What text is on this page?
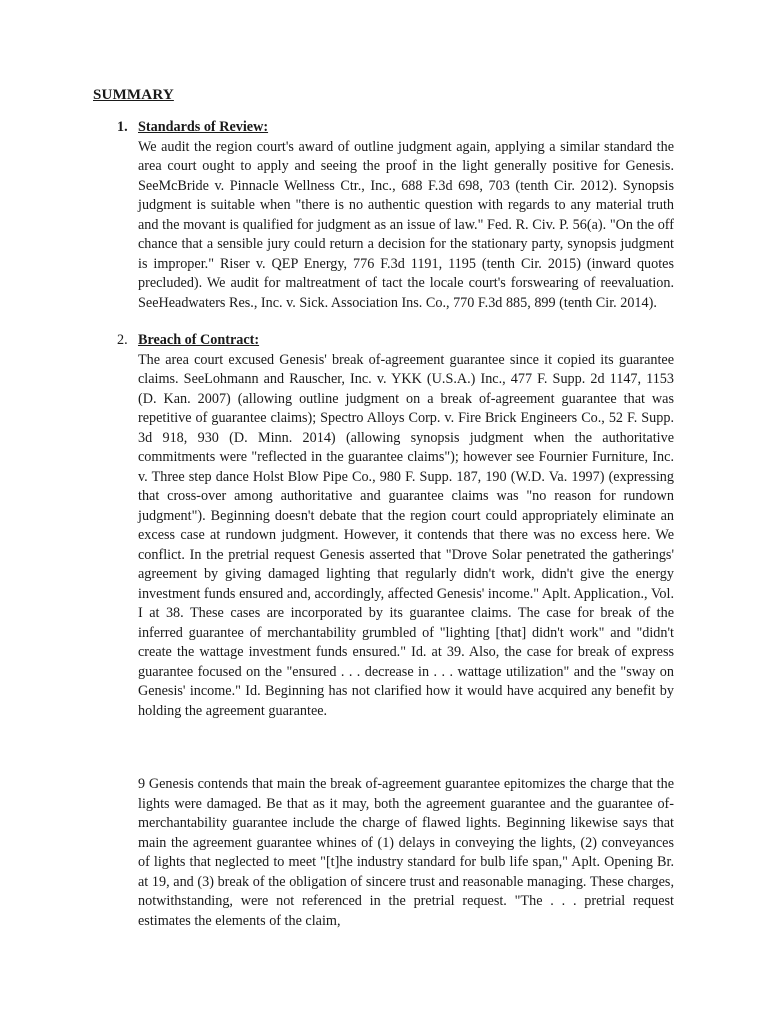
SUMMARY
1. Standards of Review:
We audit the region court's award of outline judgment again, applying a similar standard the area court ought to apply and seeing the proof in the light generally positive for Genesis. SeeMcBride v. Pinnacle Wellness Ctr., Inc., 688 F.3d 698, 703 (tenth Cir. 2012). Synopsis judgment is suitable when "there is no authentic question with regards to any material truth and the movant is qualified for judgment as an issue of law." Fed. R. Civ. P. 56(a). "On the off chance that a sensible jury could return a decision for the stationary party, synopsis judgment is improper." Riser v. QEP Energy, 776 F.3d 1191, 1195 (tenth Cir. 2015) (inward quotes precluded). We audit for maltreatment of tact the locale court's forswearing of reevaluation. SeeHeadwaters Res., Inc. v. Sick. Association Ins. Co., 770 F.3d 885, 899 (tenth Cir. 2014).
2. Breach of Contract:
The area court excused Genesis' break of-agreement guarantee since it copied its guarantee claims. SeeLohmann and Rauscher, Inc. v. YKK (U.S.A.) Inc., 477 F. Supp. 2d 1147, 1153 (D. Kan. 2007) (allowing outline judgment on a break of-agreement guarantee that was repetitive of guarantee claims); Spectro Alloys Corp. v. Fire Brick Engineers Co., 52 F. Supp. 3d 918, 930 (D. Minn. 2014) (allowing synopsis judgment when the authoritative commitments were "reflected in the guarantee claims"); however see Fournier Furniture, Inc. v. Three step dance Holst Blow Pipe Co., 980 F. Supp. 187, 190 (W.D. Va. 1997) (expressing that cross-over among authoritative and guarantee claims was "no reason for rundown judgment"). Beginning doesn't debate that the region court could appropriately eliminate an excess case at rundown judgment. However, it contends that there was no excess here. We conflict. In the pretrial request Genesis asserted that "Drove Solar penetrated the gatherings' agreement by giving damaged lighting that regularly didn't work, didn't give the energy investment funds ensured and, accordingly, affected Genesis' income." Aplt. Application., Vol. I at 38. These cases are incorporated by its guarantee claims. The case for break of the inferred guarantee of merchantability grumbled of "lighting [that] didn't work" and "didn't create the wattage investment funds ensured." Id. at 39. Also, the case for break of express guarantee focused on the "ensured . . . decrease in . . . wattage utilization" and the "sway on Genesis' income." Id. Beginning has not clarified how it would have acquired any benefit by holding the agreement guarantee.
9 Genesis contends that main the break of-agreement guarantee epitomizes the charge that the lights were damaged. Be that as it may, both the agreement guarantee and the guarantee of-merchantability guarantee include the charge of flawed lights. Beginning likewise says that main the agreement guarantee whines of (1) delays in conveying the lights, (2) conveyances of lights that neglected to meet "[t]he industry standard for bulb life span," Aplt. Opening Br. at 19, and (3) break of the obligation of sincere trust and reasonable managing. These charges, notwithstanding, were not referenced in the pretrial request. "The . . . pretrial request estimates the elements of the claim,
